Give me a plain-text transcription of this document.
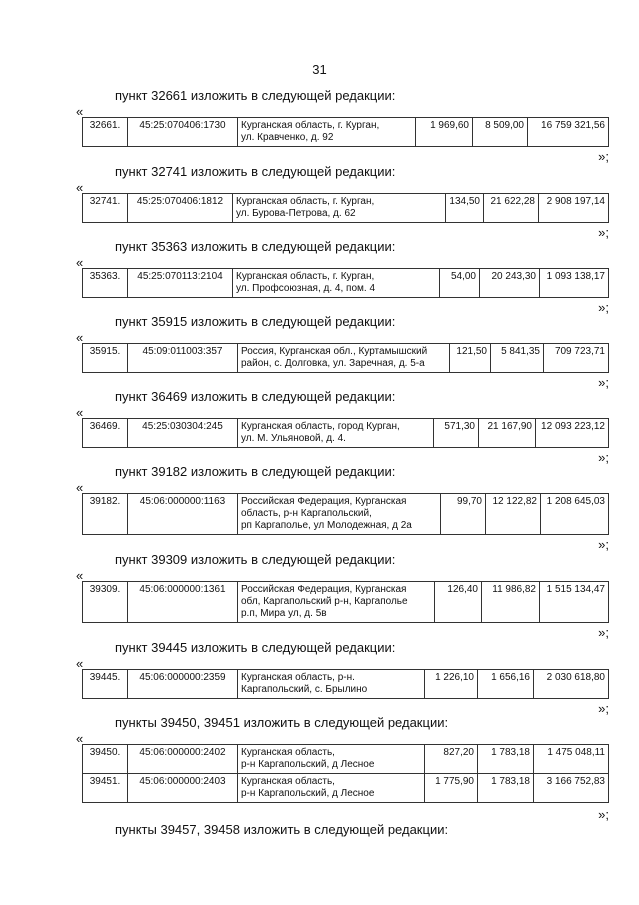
31
пункт 32661 изложить в следующей редакции:
«
32661.	45:25:070406:1730	Курганская область, г. Курган,
ул. Кравченко, д. 92
	1 969,60	8 509,00	16 759 321,56
»;
пункт 32741 изложить в следующей редакции:
«
32741.	45:25:070406:1812	Курганская область, г. Курган,
ул. Бурова-Петрова, д. 62
	134,50	21 622,28	2 908 197,14
»;
пункт 35363 изложить в следующей редакции:
«
35363.	45:25:070113:2104	Курганская область, г. Курган,
ул. Профсоюзная, д. 4, пом. 4
	54,00	20 243,30	1 093 138,17
»;
пункт 35915 изложить в следующей редакции:
«
35915.	45:09:011003:357	Россия, Курганская обл., Куртамышский
район, с. Долговка, ул. Заречная, д. 5-а
	121,50	5 841,35	709 723,71
»;
пункт 36469 изложить в следующей редакции:
«
36469.	45:25:030304:245	Курганская область, город Курган,
ул. М. Ульяновой, д. 4.
	571,30	21 167,90	12 093 223,12
»;
пункт 39182 изложить в следующей редакции:
«
39182.	45:06:000000:1163	Российская Федерация, Курганская
область, р-н Каргапольский,
рп Каргаполье, ул Молодежная, д 2а
	99,70	12 122,82	1 208 645,03
»;
пункт 39309 изложить в следующей редакции:
«
39309.	45:06:000000:1361	Российская Федерация, Курганская
обл, Каргапольский р-н, Каргаполье
р.п, Мира ул, д. 5в
	126,40	11 986,82	1 515 134,47
»;
пункт 39445 изложить в следующей редакции:
«
39445.	45:06:000000:2359	Курганская область, р-н.
Каргапольский, с. Брылино
	1 226,10	1 656,16	2 030 618,80
»;
пункты 39450, 39451 изложить в следующей редакции:
«
39450.	45:06:000000:2402	Курганская область,
р-н Каргапольский, д Лесное	827,20	1 783,18	1 475 048,11
39451.	45:06:000000:2403	Курганская область,
р-н Каргапольский, д Лесное	1 775,90	1 783,18	3 166 752,83
»;
пункты 39457, 39458 изложить в следующей редакции:
